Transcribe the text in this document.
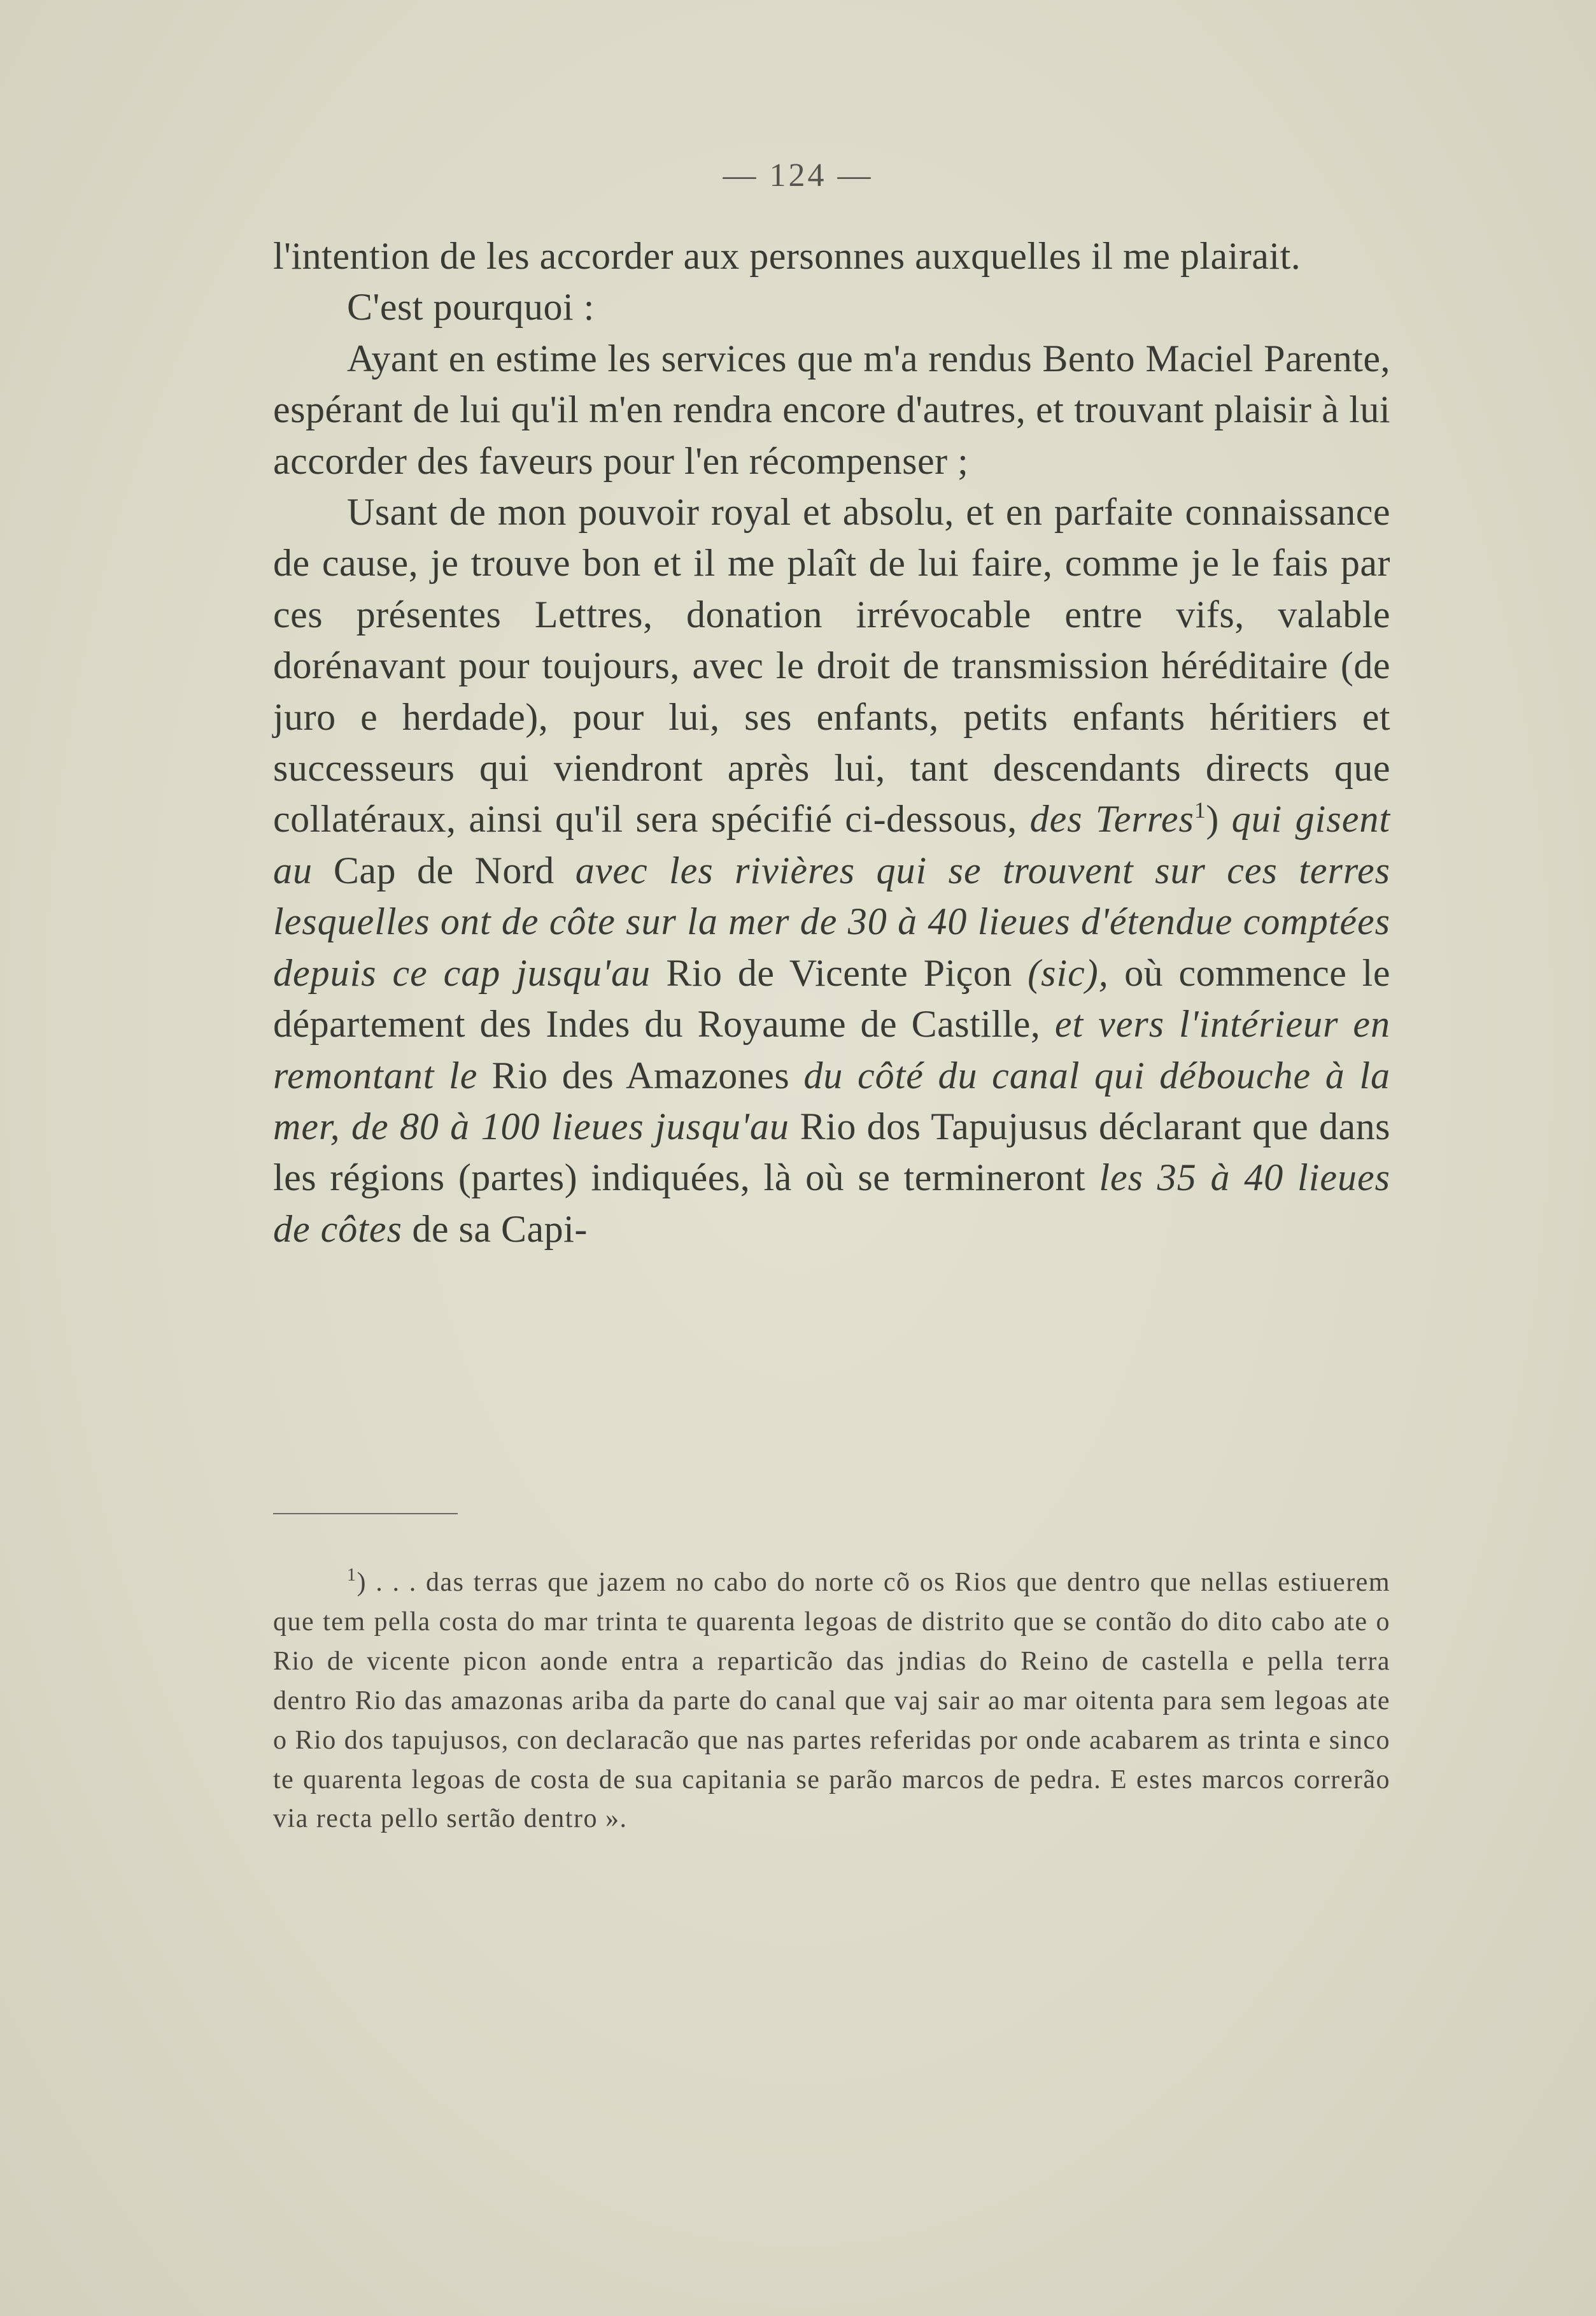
— 124 —

l'intention de les accorder aux personnes auxquelles il me plairait.

C'est pourquoi :

Ayant en estime les services que m'a rendus Bento Maciel Parente, espérant de lui qu'il m'en rendra encore d'autres, et trouvant plaisir à lui accorder des faveurs pour l'en récompenser ;

Usant de mon pouvoir royal et absolu, et en parfaite connaissance de cause, je trouve bon et il me plaît de lui faire, comme je le fais par ces présentes Lettres, donation irrévocable entre vifs, valable dorénavant pour toujours, avec le droit de transmission héréditaire (de juro e herdade), pour lui, ses enfants, petits enfants héritiers et successeurs qui viendront après lui, tant descendants directs que collatéraux, ainsi qu'il sera spécifié ci-dessous, des Terres$^1$) qui gisent au Cap de Nord avec les rivières qui se trouvent sur ces terres lesquelles ont de côte sur la mer de 30 à 40 lieues d'étendue comptées depuis ce cap jusqu'au Rio de Vicente Piçon (sic), où commence le département des Indes du Royaume de Castille, et vers l'intérieur en remontant le Rio des Amazones du côté du canal qui débouche à la mer, de 80 à 100 lieues jusqu'au Rio dos Tapujusus déclarant que dans les régions (partes) indiquées, là où se termineront les 35 à 40 lieues de côtes de sa Capi-

$^1$) . . . das terras que jazem no cabo do norte cõ os Rios que dentro que nellas estiuerem que tem pella costa do mar trinta te quarenta legoas de distrito que se contão do dito cabo ate o Rio de vicente picon aonde entra a reparticão das jndias do Reino de castella e pella terra dentro Rio das amazonas ariba da parte do canal que vaj sair ao mar oitenta para sem legoas ate o Rio dos tapujusos, con declaracão que nas partes referidas por onde acabarem as trinta e sinco te quarenta legoas de costa de sua capitania se parão marcos de pedra. E estes marcos correrão via recta pello sertão dentro ».
